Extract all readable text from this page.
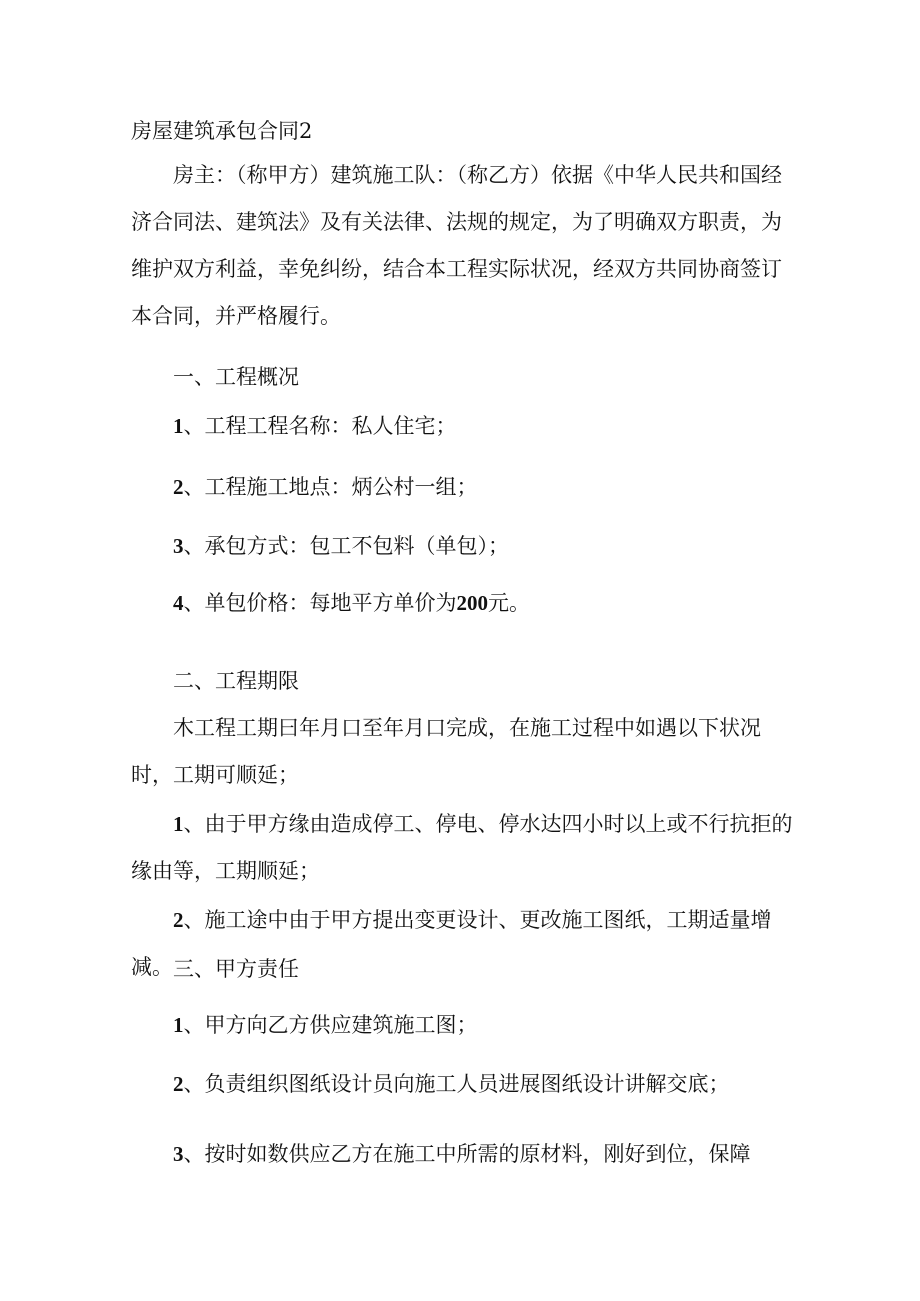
房屋建筑承包合同2

房主：（称甲方）建筑施工队：（称乙方）依据《中华人民共和国经济合同法、建筑法》及有关法律、法规的规定，为了明确双方职责，为维护双方利益，幸免纠纷，结合本工程实际状况，经双方共同协商签订本合同，并严格履行。

一、工程概况

1、工程工程名称：私人住宅；

2、工程施工地点：炳公村一组；

3、承包方式：包工不包料（单包）；

4、单包价格：每地平方单价为200元。

二、工程期限

木工程工期曰年月口至年月口完成，在施工过程中如遇以下状况时，工期可顺延；

1、由于甲方缘由造成停工、停电、停水达四小时以上或不行抗拒的缘由等，工期顺延；

2、施工途中由于甲方提出变更设计、更改施工图纸，工期适量增减。 三、甲方责任

1、甲方向乙方供应建筑施工图；

2、负责组织图纸设计员向施工人员进展图纸设计讲解交底；

3、按时如数供应乙方在施工中所需的原材料，刚好到位，保障
